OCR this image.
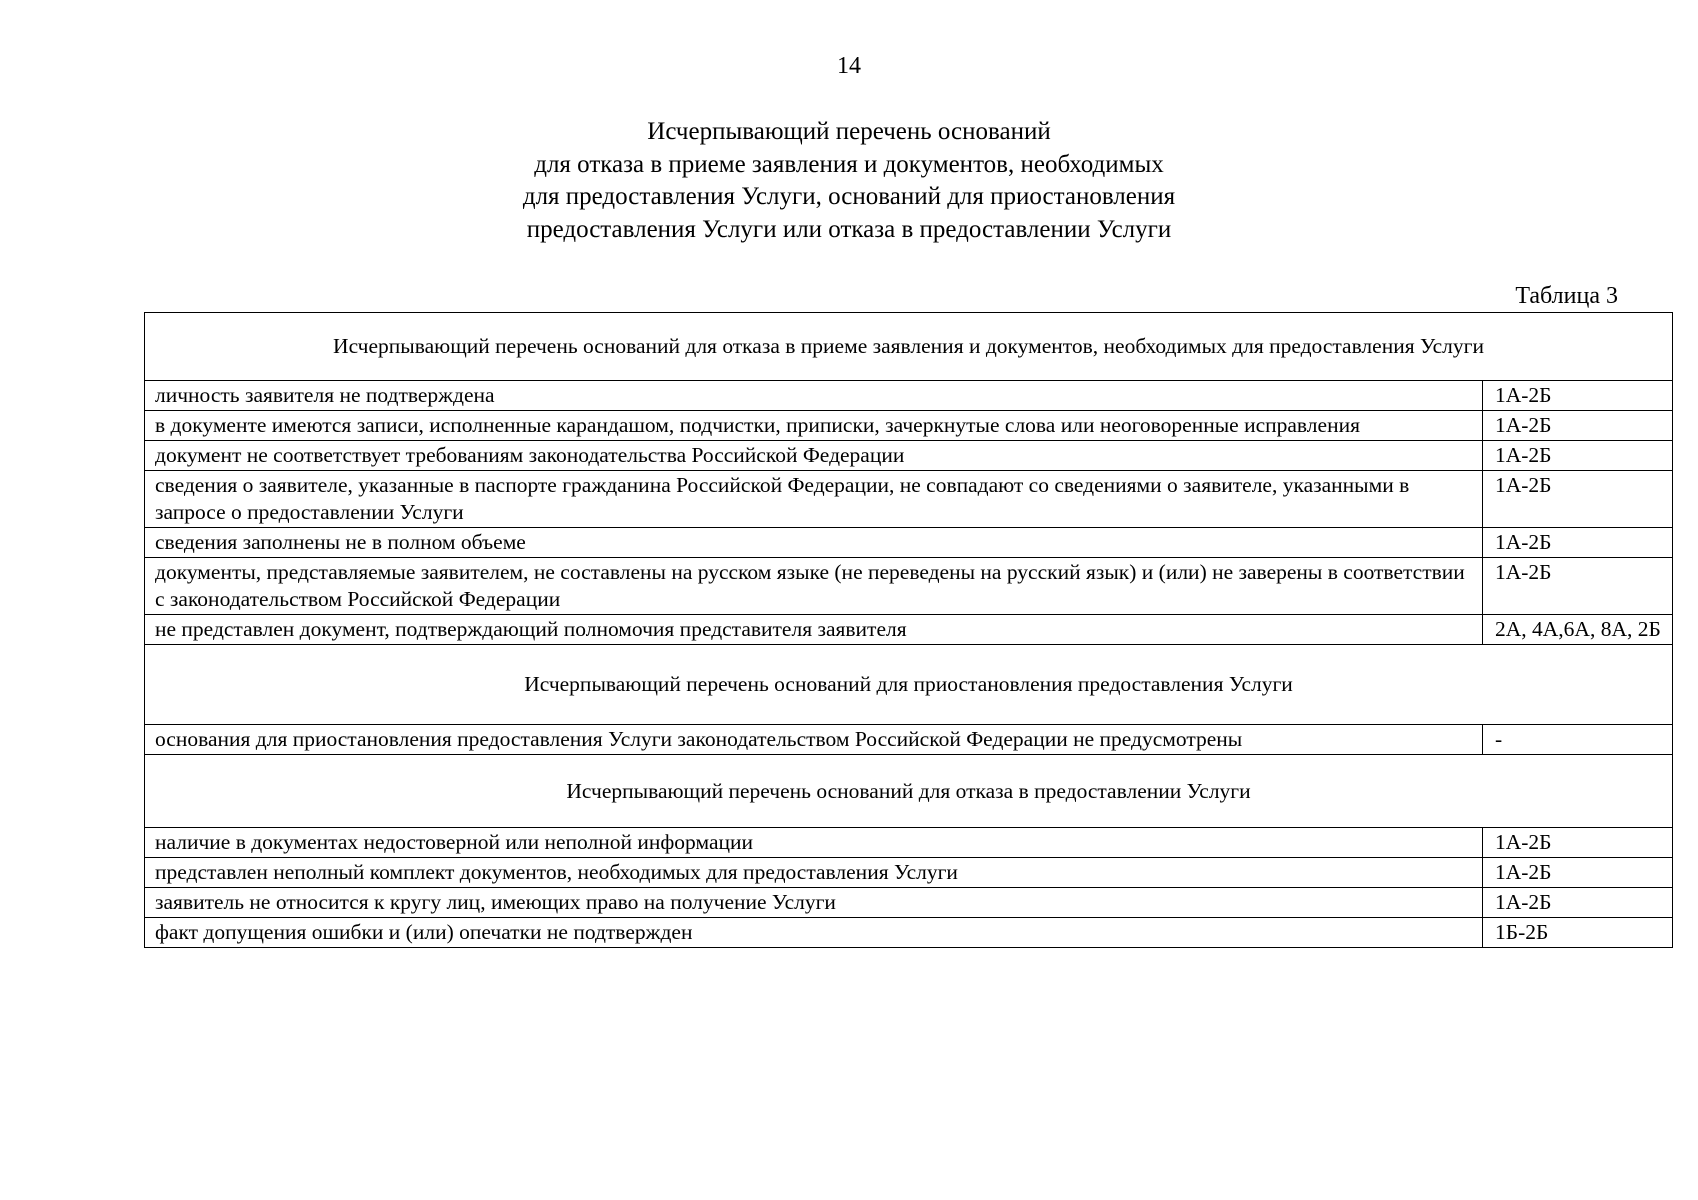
14
Исчерпывающий перечень оснований
для отказа в приеме заявления и документов, необходимых
для предоставления Услуги, оснований для приостановления
предоставления Услуги или отказа в предоставлении Услуги
Таблица 3
Исчерпывающий перечень оснований для отказа в приеме заявления и документов, необходимых для предоставления Услуги	
личность заявителя не подтверждена	1А-2Б
в документе имеются записи, исполненные карандашом, подчистки, приписки, зачеркнутые слова или неоговоренные исправления	1А-2Б
документ не соответствует требованиям законодательства Российской Федерации	1А-2Б
сведения о заявителе, указанные в паспорте гражданина Российской Федерации, не совпадают со сведениями о заявителе, указанными в запросе о предоставлении Услуги	1А-2Б
сведения заполнены не в полном объеме	1А-2Б
документы, представляемые заявителем, не составлены на русском языке (не переведены на русский язык) и (или) не заверены в соответствии с законодательством Российской Федерации	1А-2Б
не представлен документ, подтверждающий полномочия представителя заявителя	2А, 4А,6А, 8А, 2Б
Исчерпывающий перечень оснований для приостановления предоставления Услуги	
основания для приостановления предоставления Услуги законодательством Российской Федерации не предусмотрены	-
Исчерпывающий перечень оснований для отказа в предоставлении Услуги	
наличие в документах недостоверной или неполной информации	1А-2Б
представлен неполный комплект документов, необходимых для предоставления Услуги	1А-2Б
заявитель не относится к кругу лиц, имеющих право на получение Услуги	1А-2Б
факт допущения ошибки и (или) опечатки не подтвержден	1Б-2Б
